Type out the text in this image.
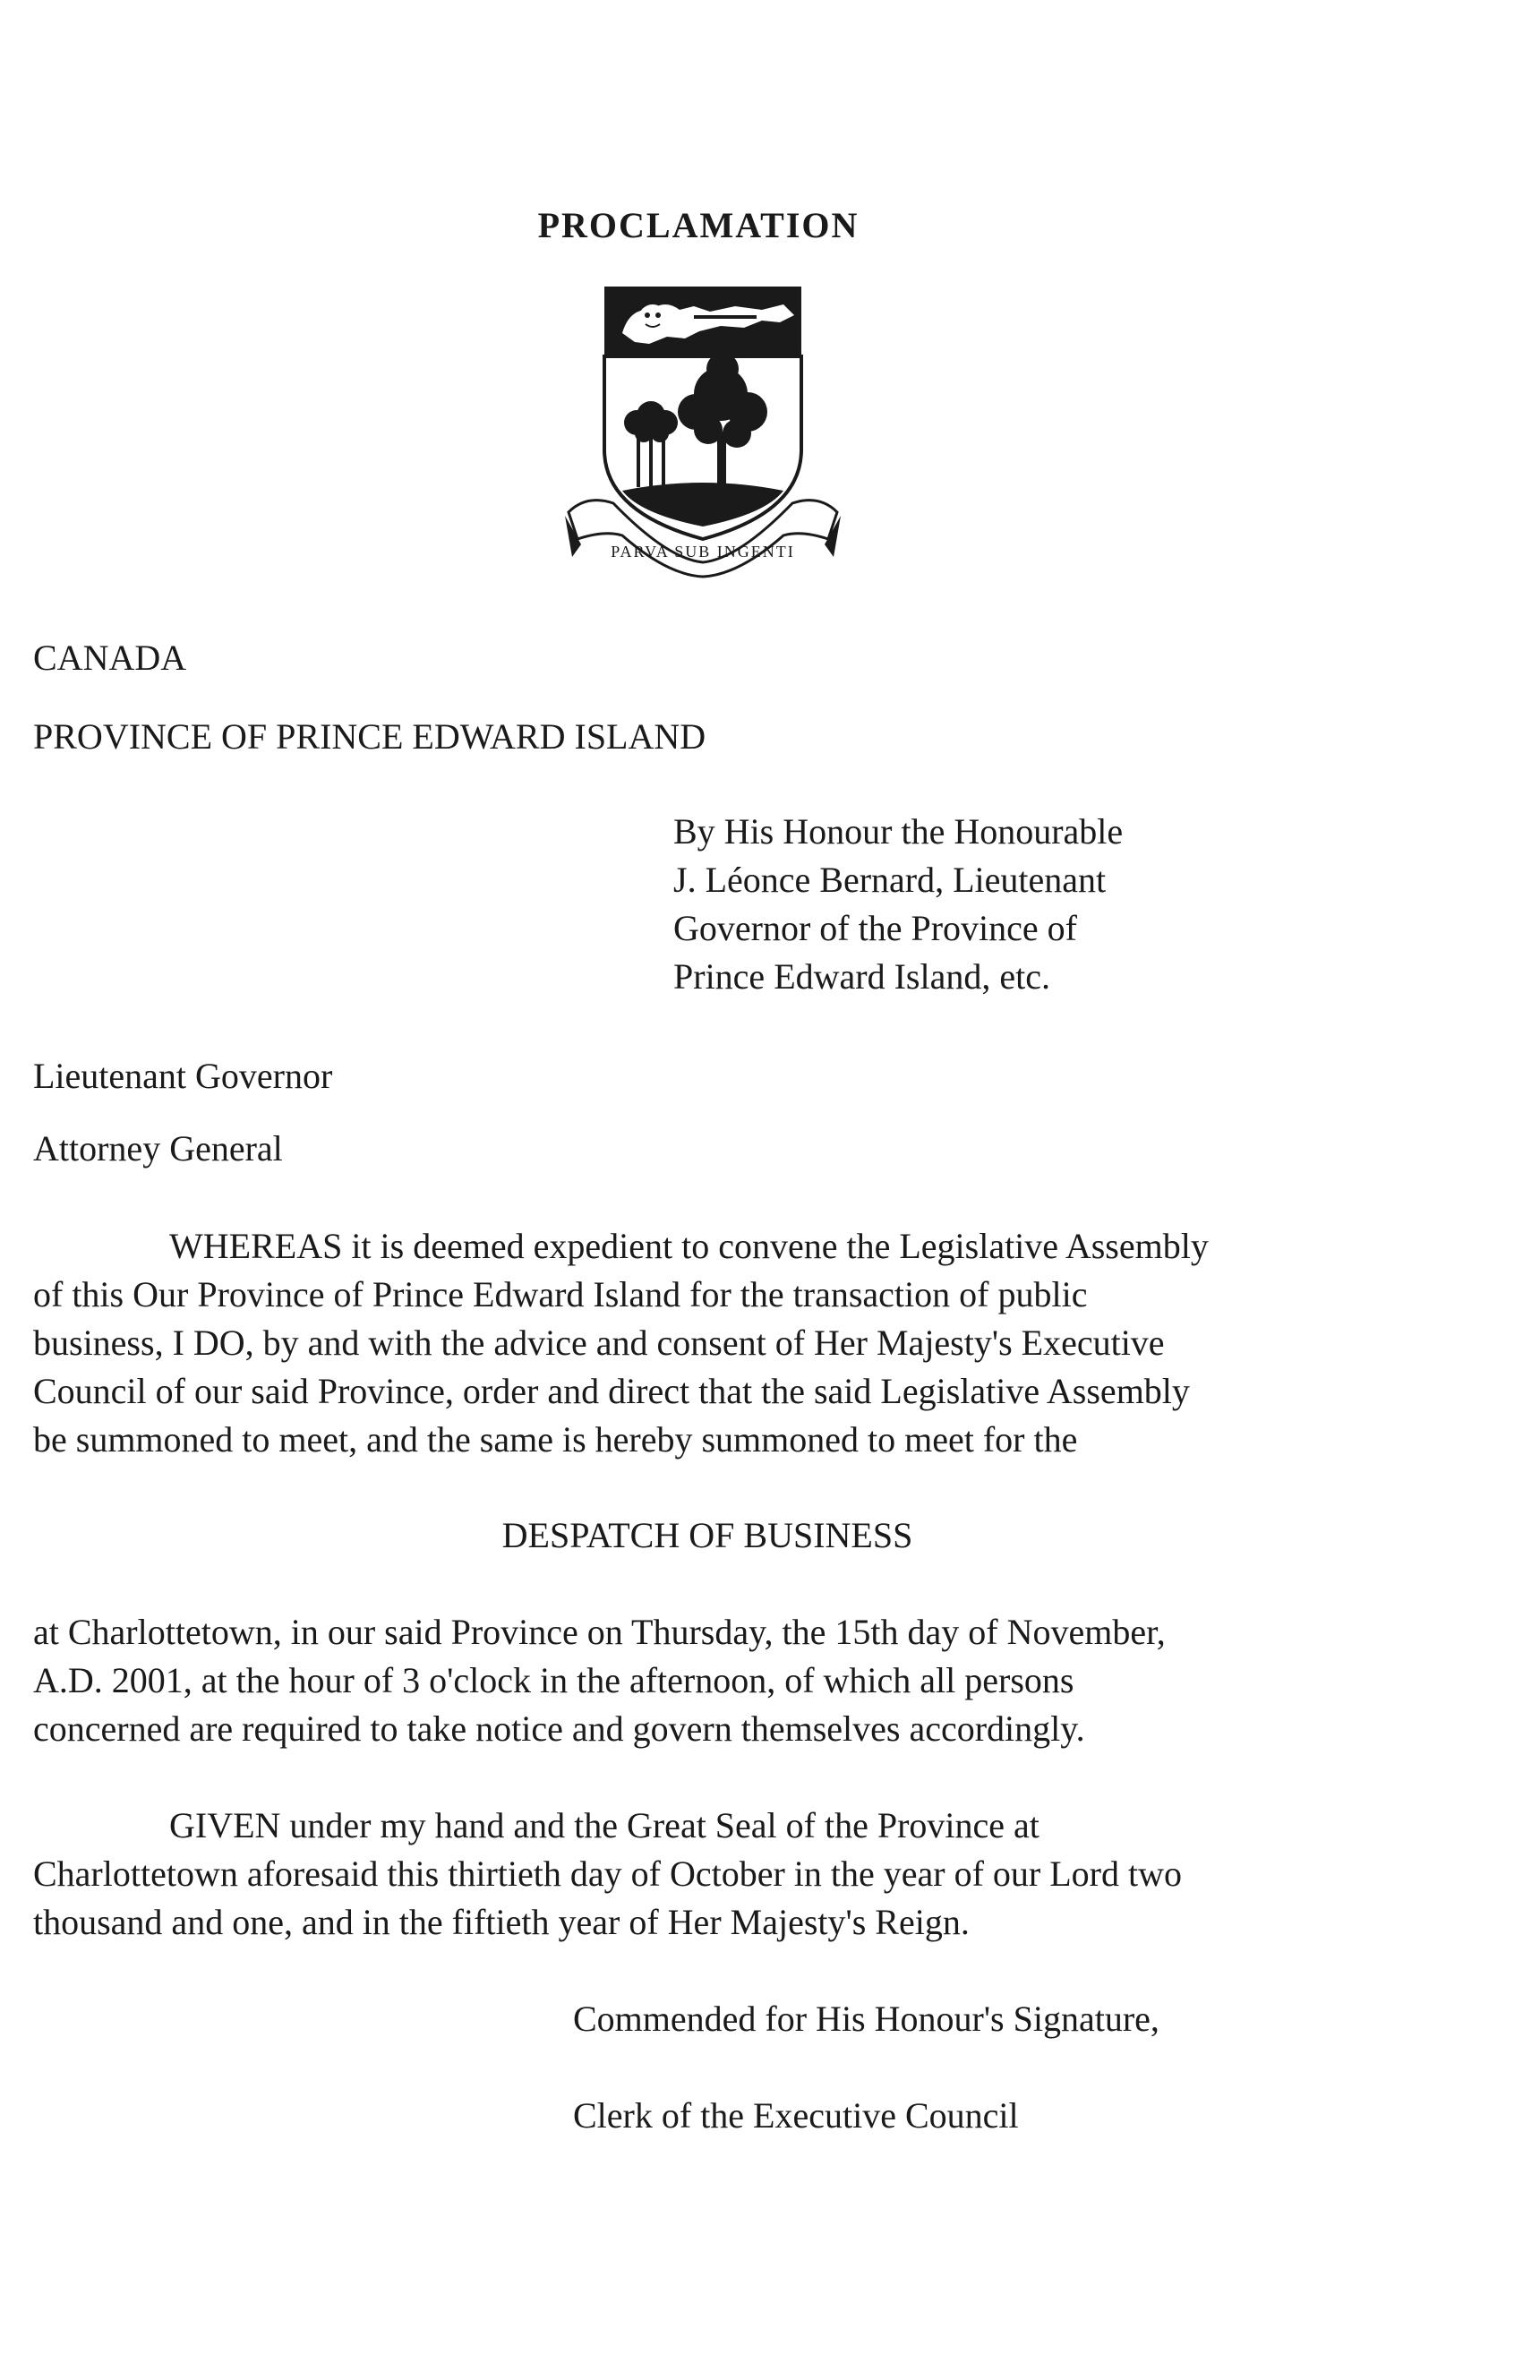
PROCLAMATION
PARVA SUB INGENTI
CANADA
PROVINCE OF PRINCE EDWARD ISLAND
By His Honour the Honourable
J. Léonce Bernard, Lieutenant
Governor of the Province of
Prince Edward Island, etc.
Lieutenant Governor
Attorney General
WHEREAS it is deemed expedient to convene the Legislative Assembly
of this Our Province of Prince Edward Island for the transaction of public
business, I DO, by and with the advice and consent of Her Majesty's Executive
Council of our said Province, order and direct that the said Legislative Assembly
be summoned to meet, and the same is hereby summoned to meet for the
DESPATCH OF BUSINESS
at Charlottetown, in our said Province on Thursday, the 15th day of November,
A.D. 2001, at the hour of 3 o'clock in the afternoon, of which all persons
concerned are required to take notice and govern themselves accordingly.
GIVEN under my hand and the Great Seal of the Province at
Charlottetown aforesaid this thirtieth day of October in the year of our Lord two
thousand and one, and in the fiftieth year of Her Majesty's Reign.
Commended for His Honour's Signature,
Clerk of the Executive Council
